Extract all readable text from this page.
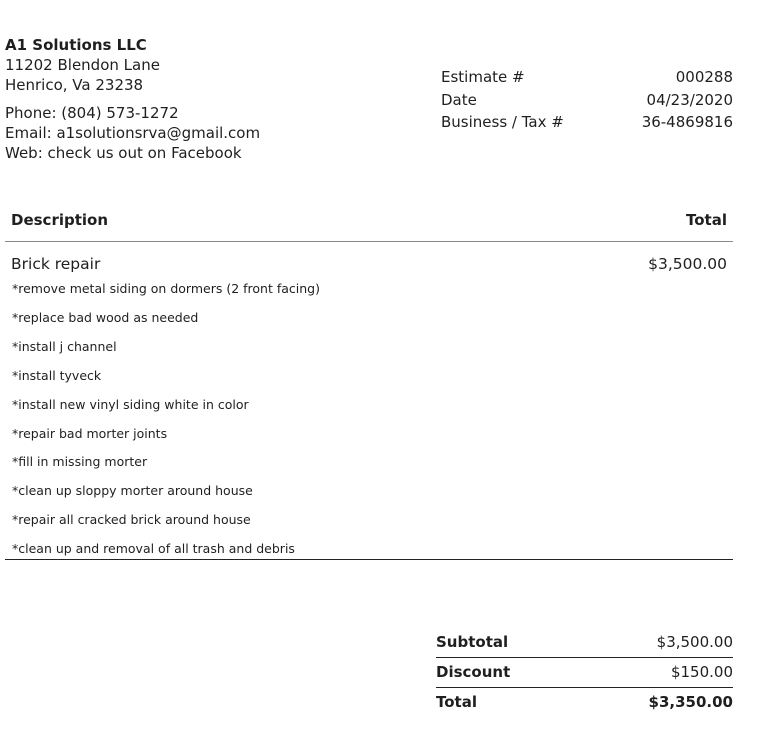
A1 Solutions LLC
11202 Blendon Lane
Henrico, Va 23238
Phone: (804) 573-1272
Email: a1solutionsrva@gmail.com
Web: check us out on Facebook
Estimate #	000288
Date	04/23/2020
Business / Tax #	36-4869816
Description	Total
Brick repair	$3,500.00
*remove metal siding on dormers (2 front facing)
*replace bad wood as needed
*install j channel
*install tyveck
*install new vinyl siding white in color
*repair bad morter joints
*fill in missing morter
*clean up sloppy morter around house
*repair all cracked brick around house
*clean up and removal of all trash and debris
Subtotal	$3,500.00
Discount	$150.00
Total	$3,350.00
